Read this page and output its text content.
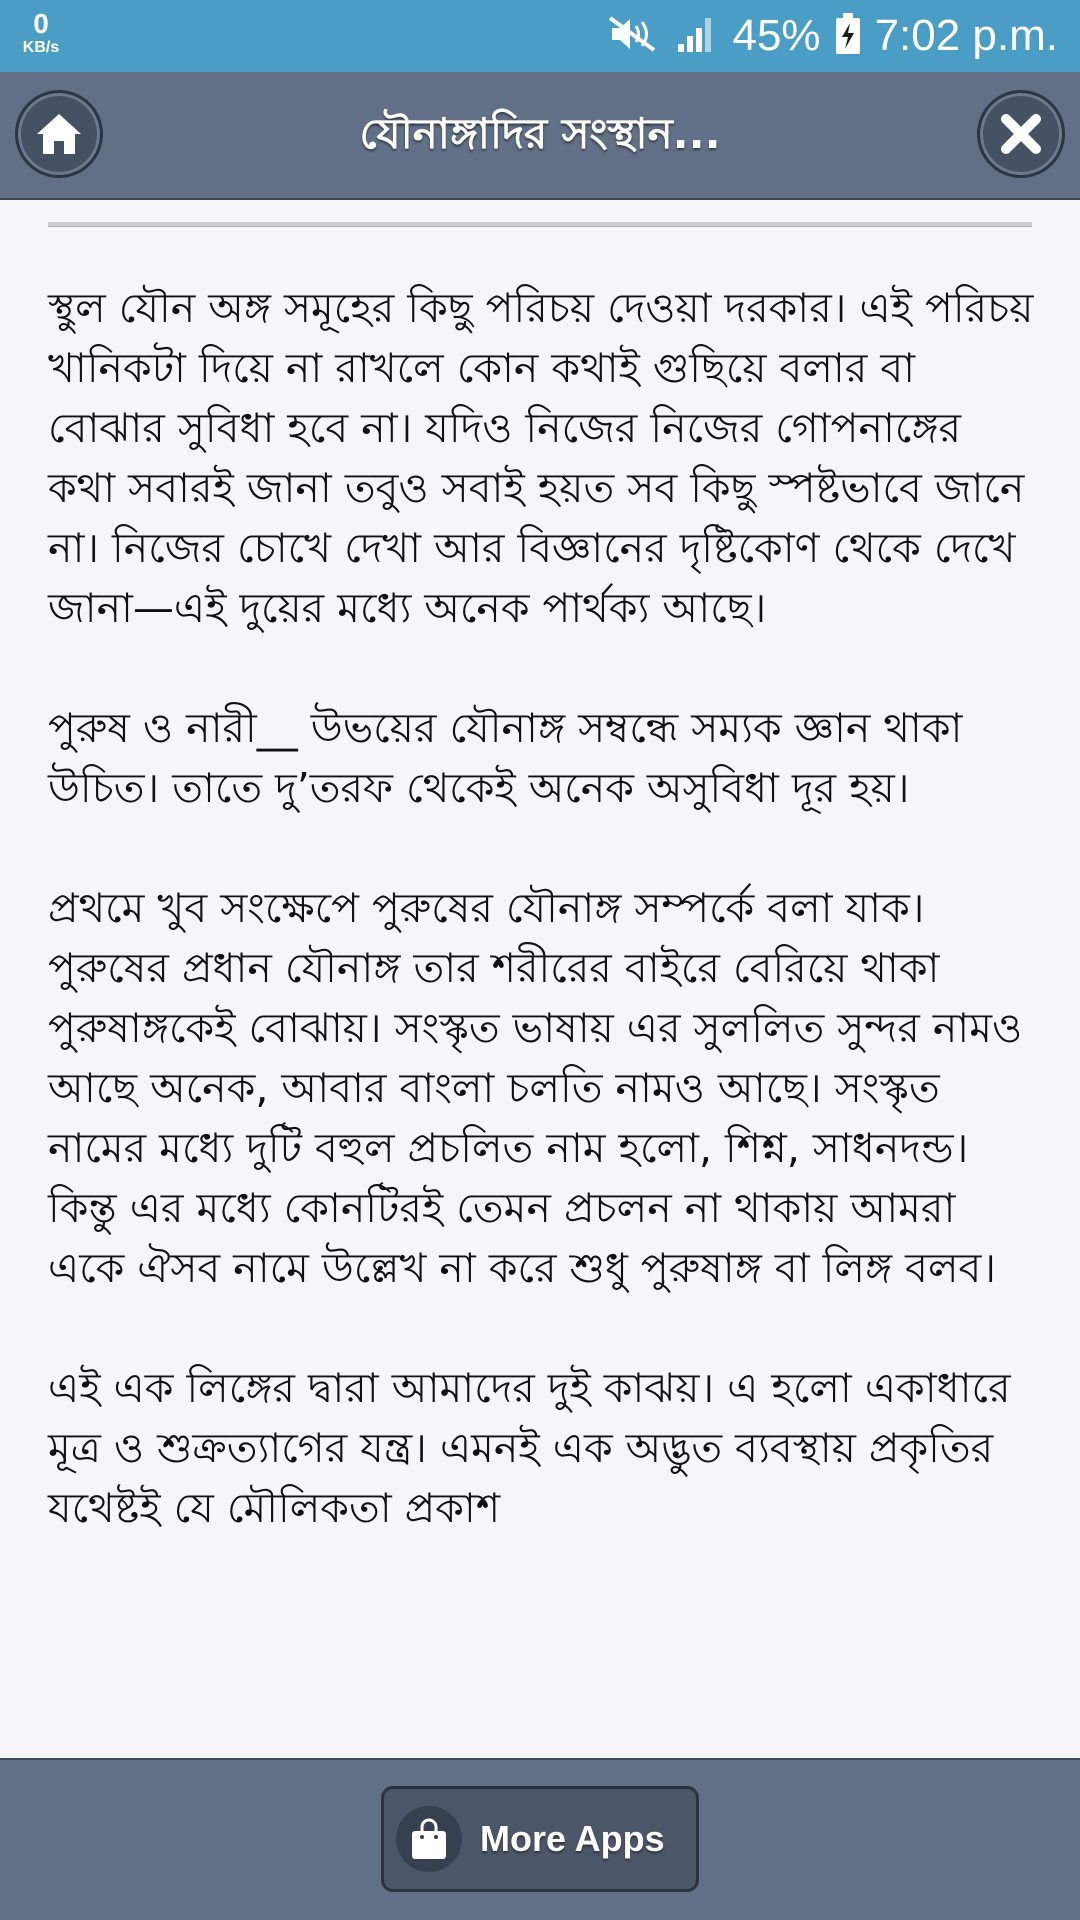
0
KB/s	45% 7:02 p.m.
যৌনাঙ্গাদির সংস্থান...

স্থুল যৌন অঙ্গ সমূহের কিছু পরিচয় দেওয়া দরকার। এই পরিচয় খানিকটা দিয়ে না রাখলে কোন কথাই গুছিয়ে বলার বা বোঝার সুবিধা হবে না। যদিও নিজের নিজের গোপনাঙ্গের কথা সবারই জানা তবুও সবাই হয়ত সব কিছু স্পষ্টভাবে জানে না। নিজের চোখে দেখা আর বিজ্ঞানের দৃষ্টিকোণ থেকে দেখে জানা—এই দুয়ের মধ্যে অনেক পার্থক্য আছে।

পুরুষ ও নারী__ উভয়ের যৌনাঙ্গ সম্বন্ধে সম্যক জ্ঞান থাকা উচিত। তাতে দু’তরফ থেকেই অনেক অসুবিধা দূর হয়।

প্রথমে খুব সংক্ষেপে পুরুষের যৌনাঙ্গ সম্পর্কে বলা যাক। পুরুষের প্রধান যৌনাঙ্গ তার শরীরের বাইরে বেরিয়ে থাকা পুরুষাঙ্গকেই বোঝায়। সংস্কৃত ভাষায় এর সুললিত সুন্দর নামও আছে অনেক, আবার বাংলা চলতি নামও আছে। সংস্কৃত নামের মধ্যে দুটি বহুল প্রচলিত নাম হলো, শিশ্ন, সাধনদন্ড। কিন্তু এর মধ্যে কোনটিরই তেমন প্রচলন না থাকায় আমরা একে ঐসব নামে উল্লেখ না করে শুধু পুরুষাঙ্গ বা লিঙ্গ বলব।

এই এক লিঙ্গের দ্বারা আমাদের দুই কাঝয়। এ হলো একাধারে মূত্র ও শুক্রত্যাগের যন্ত্র। এমনই এক অদ্ভুত ব্যবস্থায় প্রকৃতির যথেষ্টই যে মৌলিকতা প্রকাশ

More Apps
